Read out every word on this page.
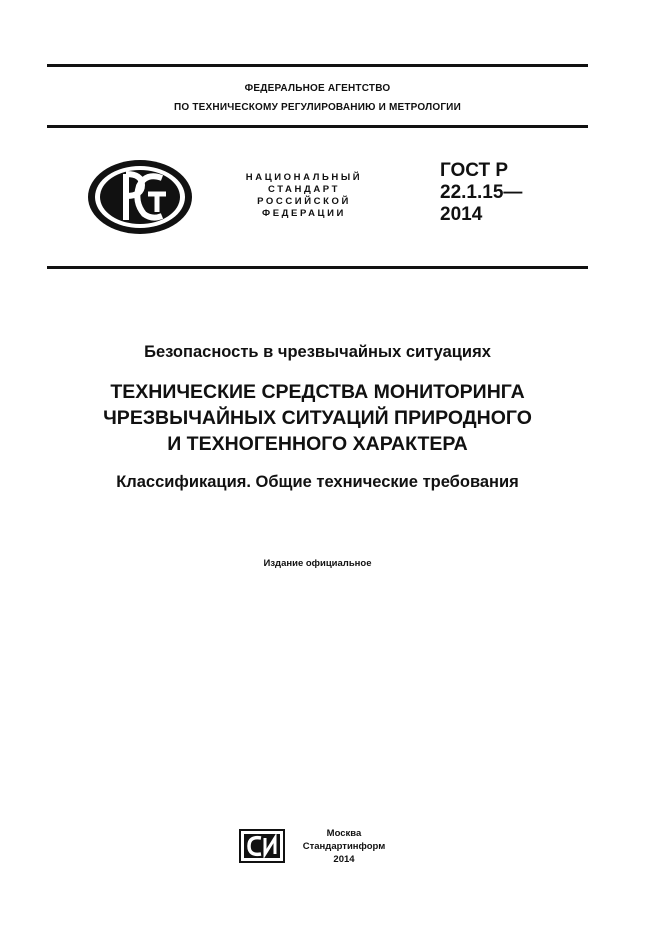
ФЕДЕРАЛЬНОЕ АГЕНТСТВО
ПО ТЕХНИЧЕСКОМУ РЕГУЛИРОВАНИЮ И МЕТРОЛОГИИ
НАЦИОНАЛЬНЫЙ
СТАНДАРТ
РОССИЙСКОЙ
ФЕДЕРАЦИИ
ГОСТ Р
22.1.15—
2014
Безопасность в чрезвычайных ситуациях
ТЕХНИЧЕСКИЕ СРЕДСТВА МОНИТОРИНГА
ЧРЕЗВЫЧАЙНЫХ СИТУАЦИЙ ПРИРОДНОГО
И ТЕХНОГЕННОГО ХАРАКТЕРА
Классификация. Общие технические требования
Издание официальное
Москва
Стандартинформ
2014
